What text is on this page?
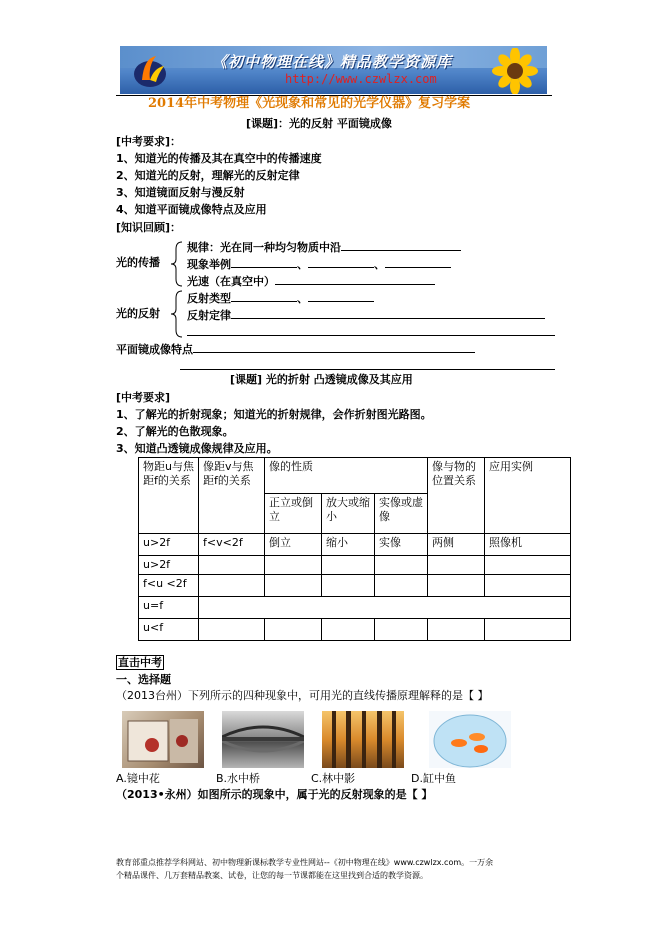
《初中物理在线》精品教学资源库
http://www.czwlzx.com
2014年中考物理《光现象和常见的光学仪器》复习学案
[课题]：光的反射 平面镜成像
[中考要求]：
1、知道光的传播及其在真空中的传播速度
2、知道光的反射，理解光的反射定律
3、知道镜面反射与漫反射
4、知道平面镜成像特点及应用
[知识回顾]：
光的传播
规律：光在同一种均匀物质中沿
现象举例	、	、
光速（在真空中）
光的反射
反射类型	、
反射定律
平面镜成像特点
[课题] 光的折射 凸透镜成像及其应用
[中考要求]
1、了解光的折射现象；知道光的折射规律，会作折射图光路图。
2、了解光的色散现象。
3、知道凸透镜成像规律及应用。
物距u与焦距f的关系	像距v与焦距f的关系	像的性质			像与物的位置关系	应用实例
		正立或倒立	放大或缩小	实像或虚像		
u>2f	f<v<2f	倒立	缩小	实像	两侧	照像机
u>2f						
f<u <2f						
u=f						
u<f						
直击中考
一、选择题
（2013台州）下列所示的四种现象中，可用光的直线传播原理解释的是【 】
A.镜中花	B.水中桥	C.林中影	D.缸中鱼
（2013•永州）如图所示的现象中，属于光的反射现象的是【 】
教育部重点推荐学科网站、初中物理新课标教学专业性网站--《初中物理在线》www.czwlzx.com。一万余
个精品课件、几万套精品教案、试卷，让您的每一节课都能在这里找到合适的教学资源。
